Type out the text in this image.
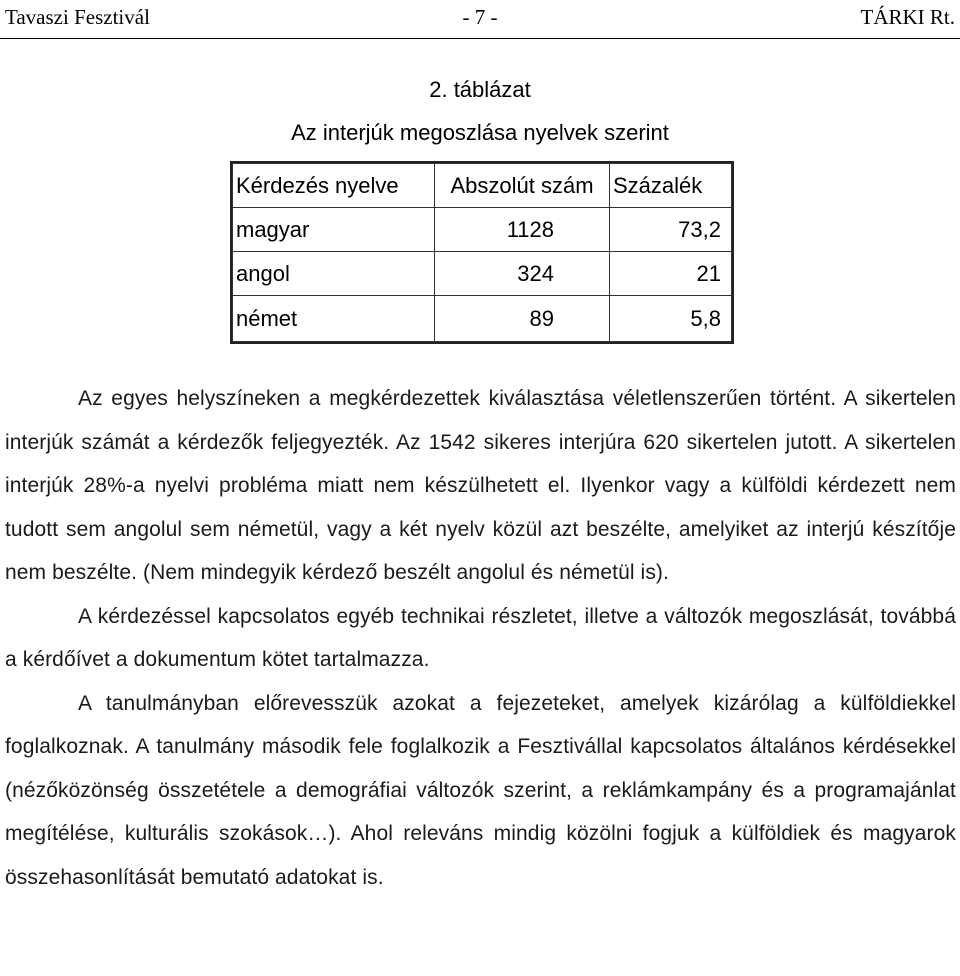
Tavaszi Fesztivál	- 7 -	TÁRKI Rt.
2. táblázat
Az interjúk megoszlása nyelvek szerint
Kérdezés nyelve	Abszolút szám	Százalék
magyar	1128	73,2
angol	324	21
német	89	5,8

Az egyes helyszíneken a megkérdezettek kiválasztása véletlenszerűen történt. A sikertelen interjúk számát a kérdezők feljegyezték. Az 1542 sikeres interjúra 620 sikertelen jutott. A sikertelen interjúk 28%-a nyelvi probléma miatt nem készülhetett el. Ilyenkor vagy a külföldi kérdezett nem tudott sem angolul sem németül, vagy a két nyelv közül azt beszélte, amelyiket az interjú készítője nem beszélte. (Nem mindegyik kérdező beszélt angolul és németül is).

A kérdezéssel kapcsolatos egyéb technikai részletet, illetve a változók megoszlását, továbbá a kérdőívet a dokumentum kötet tartalmazza.

A tanulmányban előrevesszük azokat a fejezeteket, amelyek kizárólag a külföldiekkel foglalkoznak. A tanulmány második fele foglalkozik a Fesztivállal kapcsolatos általános kérdésekkel (nézőközönség összetétele a demográfiai változók szerint, a reklámkampány és a programajánlat megítélése, kulturális szokások…). Ahol releváns mindig közölni fogjuk a külföldiek és magyarok összehasonlítását bemutató adatokat is.
